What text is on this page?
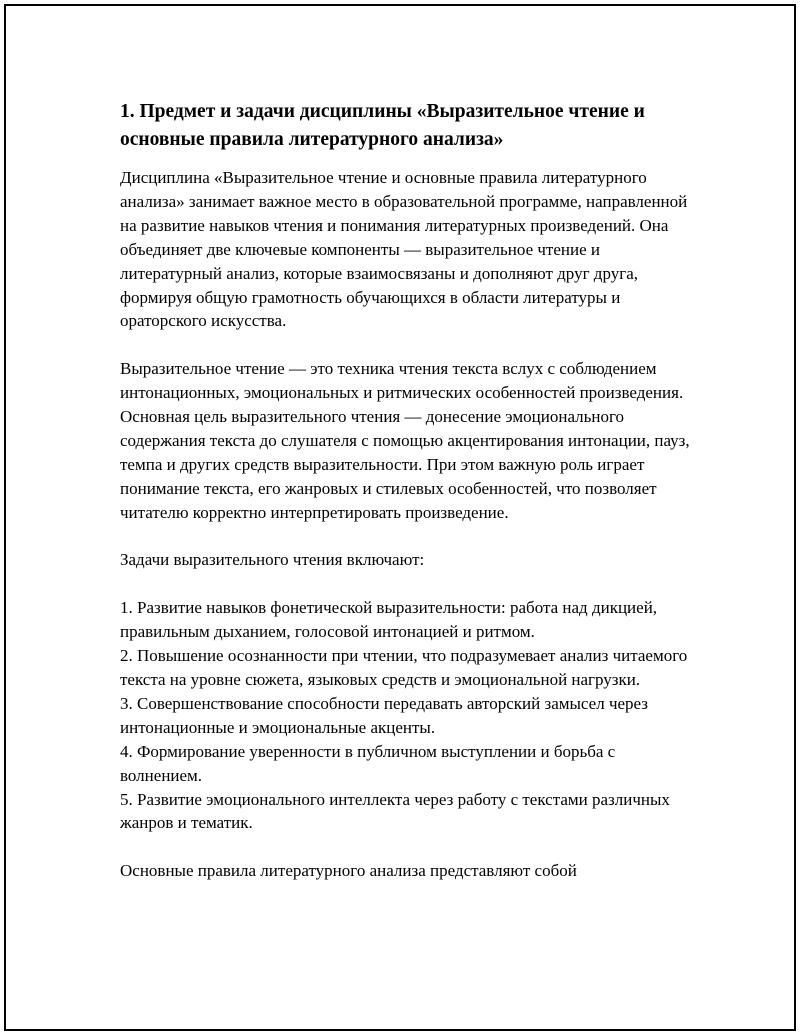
1. Предмет и задачи дисциплины «Выразительное чтение и основные правила литературного анализа»

Дисциплина «Выразительное чтение и основные правила литературного анализа» занимает важное место в образовательной программе, направленной на развитие навыков чтения и понимания литературных произведений. Она объединяет две ключевые компоненты — выразительное чтение и литературный анализ, которые взаимосвязаны и дополняют друг друга, формируя общую грамотность обучающихся в области литературы и ораторского искусства.

Выразительное чтение — это техника чтения текста вслух с соблюдением интонационных, эмоциональных и ритмических особенностей произведения. Основная цель выразительного чтения — донесение эмоционального содержания текста до слушателя с помощью акцентирования интонации, пауз, темпа и других средств выразительности. При этом важную роль играет понимание текста, его жанровых и стилевых особенностей, что позволяет читателю корректно интерпретировать произведение.

Задачи выразительного чтения включают:

1. Развитие навыков фонетической выразительности: работа над дикцией, правильным дыханием, голосовой интонацией и ритмом.

2. Повышение осознанности при чтении, что подразумевает анализ читаемого текста на уровне сюжета, языковых средств и эмоциональной нагрузки.

3. Совершенствование способности передавать авторский замысел через интонационные и эмоциональные акценты.

4. Формирование уверенности в публичном выступлении и борьба с волнением.

5. Развитие эмоционального интеллекта через работу с текстами различных жанров и тематик.

Основные правила литературного анализа представляют собой
